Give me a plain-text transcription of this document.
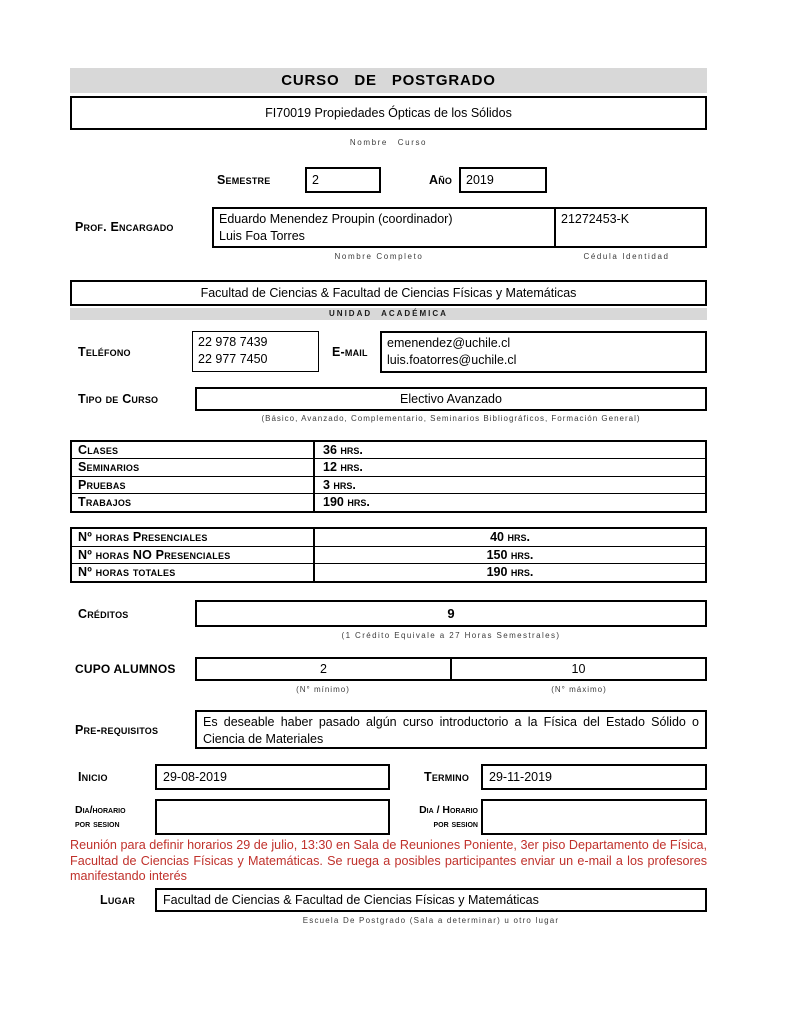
CURSO DE POSTGRADO
FI70019 Propiedades Ópticas de los Sólidos
Nombre Curso
Semestre	2	Año 2019
Prof. Encargado
Eduardo Menendez Proupin (coordinador)
Luis Foa Torres
21272453-K
Nombre Completo	Cédula Identidad
Facultad de Ciencias & Facultad de Ciencias Físicas y Matemáticas
UNIDAD ACADÉMICA
Teléfono
22 978 7439
22 977 7450
E-mail
emenendez@uchile.cl
luis.foatorres@uchile.cl
Tipo de Curso	Electivo Avanzado
(Básico, Avanzado, Complementario, Seminarios Bibliográficos, Formación General)
Clases	36 hrs.
Seminarios	12 hrs.
Pruebas	3 hrs.
Trabajos	190 hrs.
Nº horas Presenciales	40 hrs.
Nº horas NO Presenciales	150 hrs.
Nº horas totales	190 hrs.
Créditos	9
(1 Crédito Equivale a 27 Horas Semestrales)
CUPO ALUMNOS	2	10
(N° mínimo)	(N° máximo)
Pre-requisitos
Es deseable haber pasado algún curso introductorio a la Física del Estado Sólido o Ciencia de Materiales
Inicio	29-08-2019	Termino 29-11-2019
Dia/horario
por sesion
Dia / Horario
por sesion
Reunión para definir horarios 29 de julio, 13:30 en Sala de Reuniones Poniente, 3er piso Departamento de Física, Facultad de Ciencias Físicas y Matemáticas. Se ruega a posibles participantes enviar un e-mail a los profesores manifestando interés
Lugar Facultad de Ciencias & Facultad de Ciencias Físicas y Matemáticas
Escuela De Postgrado (Sala a determinar) u otro lugar
